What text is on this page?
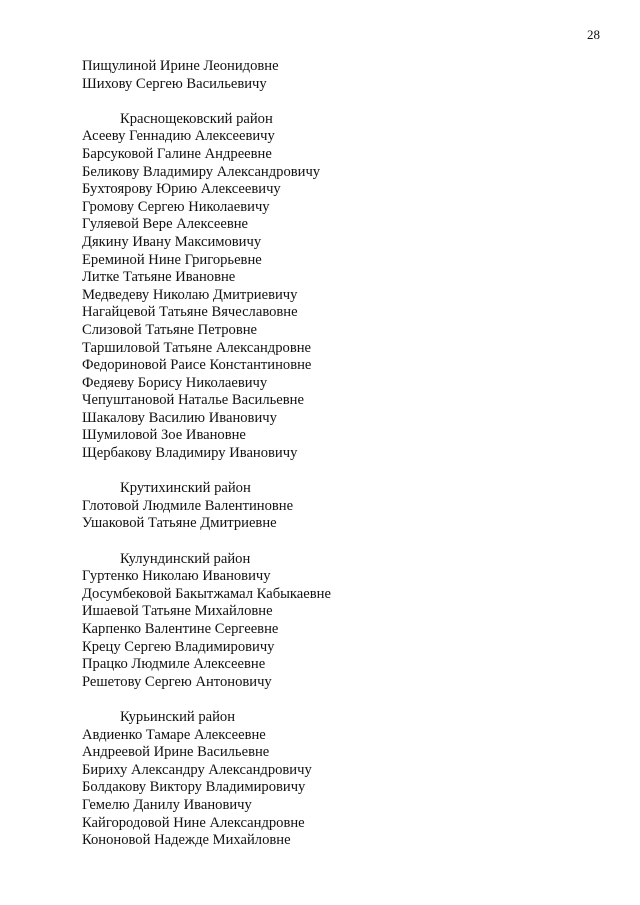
28
Пищулиной Ирине Леонидовне
Шихову Сергею Васильевичу
Краснощековский район
Асееву Геннадию Алексеевичу
Барсуковой Галине Андреевне
Беликову Владимиру Александровичу
Бухтоярову Юрию Алексеевичу
Громову Сергею Николаевичу
Гуляевой Вере Алексеевне
Дякину Ивану Максимовичу
Ереминой Нине Григорьевне
Литке Татьяне Ивановне
Медведеву Николаю Дмитриевичу
Нагайцевой Татьяне Вячеславовне
Слизовой Татьяне Петровне
Таршиловой Татьяне Александровне
Федориновой Раисе Константиновне
Федяеву Борису Николаевичу
Чепуштановой Наталье Васильевне
Шакалову Василию Ивановичу
Шумиловой Зое Ивановне
Щербакову Владимиру Ивановичу
Крутихинский район
Глотовой Людмиле Валентиновне
Ушаковой Татьяне Дмитриевне
Кулундинский район
Гуртенко Николаю Ивановичу
Досумбековой Бакытжамал Кабыкаевне
Ишаевой Татьяне Михайловне
Карпенко Валентине Сергеевне
Крецу Сергею Владимировичу
Працко Людмиле Алексеевне
Решетову Сергею Антоновичу
Курьинский район
Авдиенко Тамаре Алексеевне
Андреевой Ирине Васильевне
Бириху Александру Александровичу
Болдакову Виктору Владимировичу
Гемелю Данилу Ивановичу
Кайгородовой Нине Александровне
Кононовой Надежде Михайловне
